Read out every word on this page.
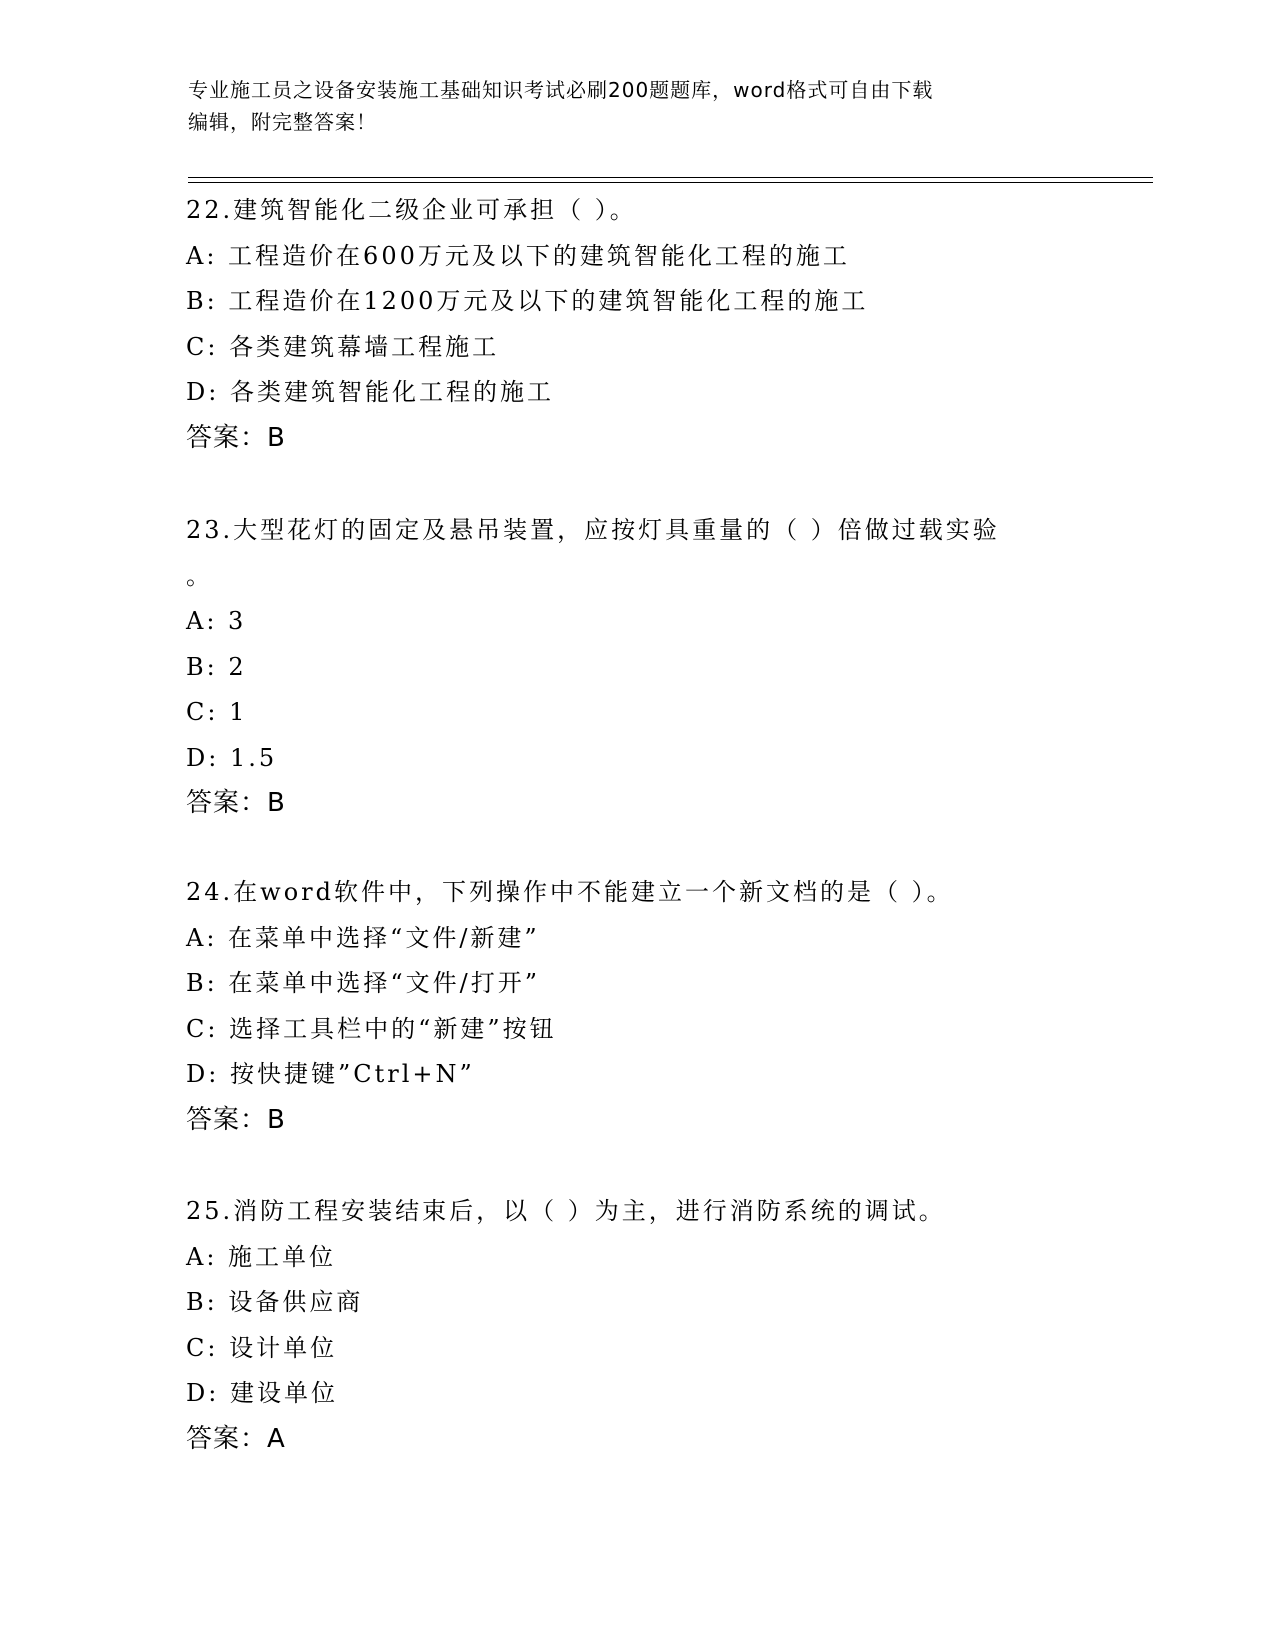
专业施工员之设备安装施工基础知识考试必刷200题题库，word格式可自由下载
编辑，附完整答案！
22.建筑智能化二级企业可承担（ ）。
A: 工程造价在600万元及以下的建筑智能化工程的施工
B: 工程造价在1200万元及以下的建筑智能化工程的施工
C: 各类建筑幕墙工程施工
D: 各类建筑智能化工程的施工
答案：B
23.大型花灯的固定及悬吊装置，应按灯具重量的（ ）倍做过载实验
。
A: 3
B: 2
C: 1
D: 1.5
答案：B
24.在word软件中，下列操作中不能建立一个新文档的是（ ）。
A: 在菜单中选择“文件/新建”
B: 在菜单中选择“文件/打开”
C: 选择工具栏中的“新建”按钮
D: 按快捷键”Ctrl+N”
答案：B
25.消防工程安装结束后，以（ ）为主，进行消防系统的调试。
A: 施工单位
B: 设备供应商
C: 设计单位
D: 建设单位
答案：A
